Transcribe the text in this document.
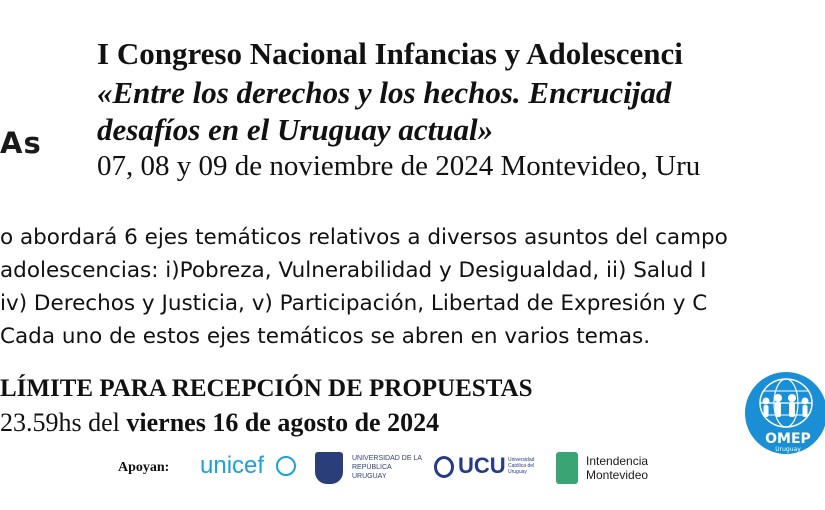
As
I Congreso Nacional Infancias y Adolescenci
«Entre los derechos y los hechos. Encrucijad
desafíos en el Uruguay actual»
07, 08 y 09 de noviembre de 2024 Montevideo, Uru
o abordará 6 ejes temáticos relativos a diversos asuntos del campo
adolescencias: i)Pobreza, Vulnerabilidad y Desigualdad, ii) Salud I
iv) Derechos y Justicia, v) Participación, Libertad de Expresión y C
Cada uno de estos ejes temáticos se abren en varios temas.
LÍMITE PARA RECEPCIÓN DE PROPUESTAS
23.59hs del viernes 16 de agosto de 2024
Apoyan: unicef	UNIVERSIDAD DE LA REPÚBLICA URUGUAY	UCU Universidad Católica del Uruguay
Intendencia Montevideo
OMEP
Uruguay
